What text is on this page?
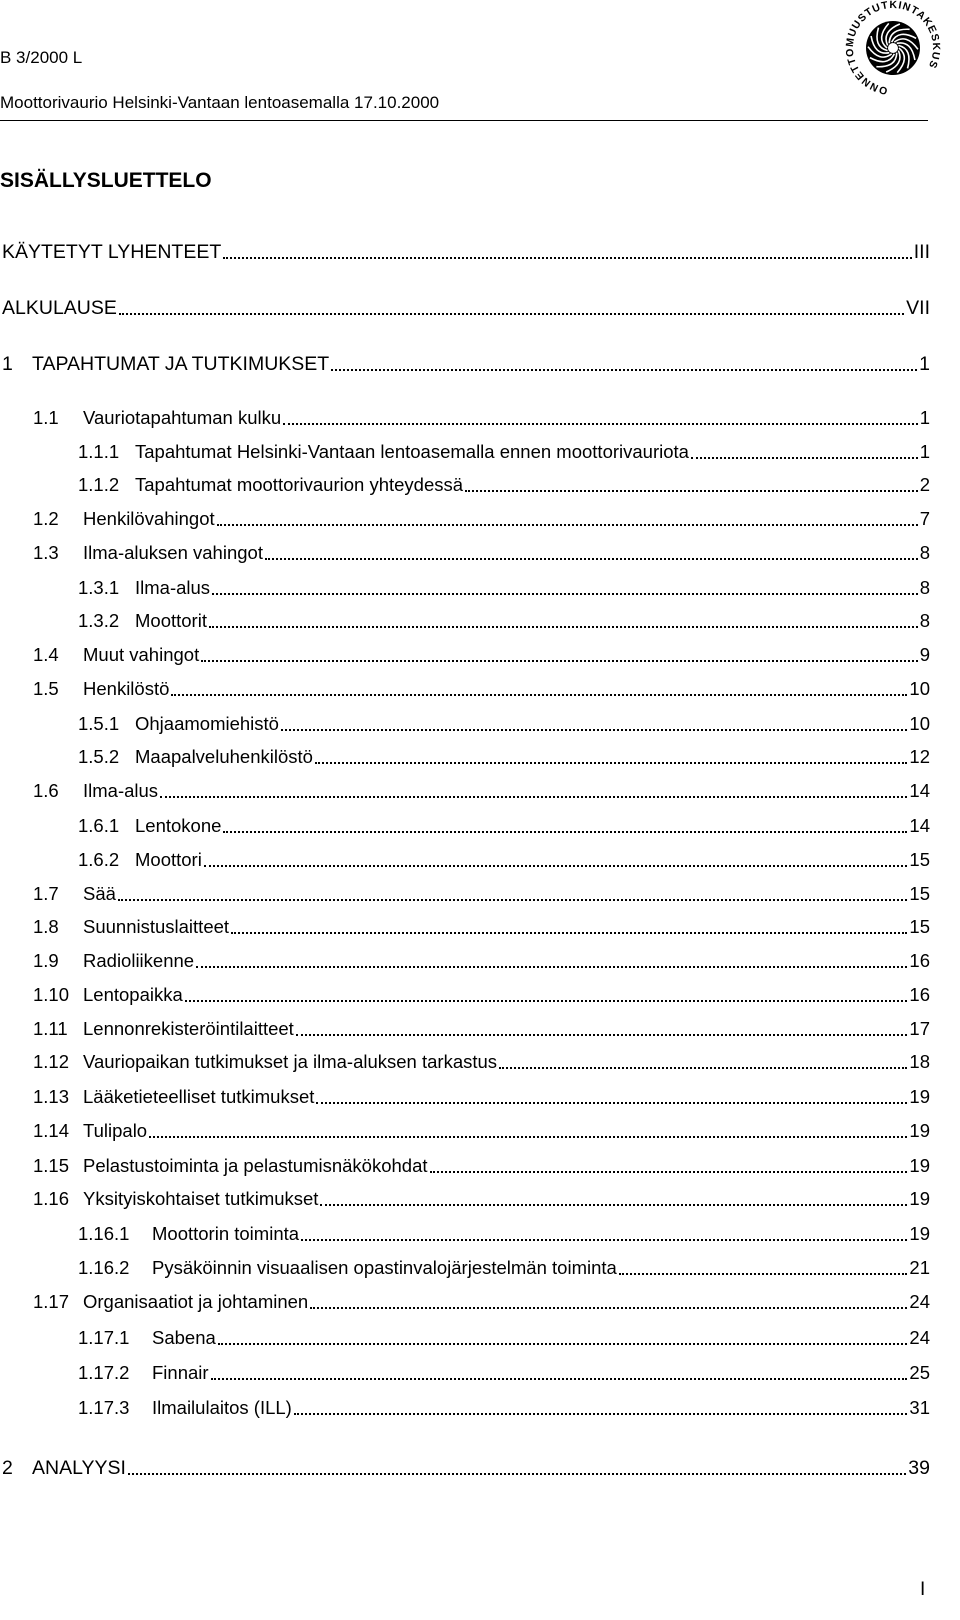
B 3/2000 L
Moottorivaurio Helsinki-Vantaan lentoasemalla 17.10.2000
ONNETTOMUUSTUTKINTAKESKUS
SISÄLLYSLUETTELO
KÄYTETYT LYHENTEET	III
ALKULAUSE	VII
1 TAPAHTUMAT JA TUTKIMUKSET	1
1.1	Vauriotapahtuman kulku	1
1.1.1 Tapahtumat Helsinki-Vantaan lentoasemalla ennen moottorivauriota	1
1.1.2 Tapahtumat moottorivaurion yhteydessä	2
1.2	Henkilövahingot	7
1.3	Ilma-aluksen vahingot	8
1.3.1 Ilma-alus	8
1.3.2 Moottorit	8
1.4	Muut vahingot	9
1.5	Henkilöstö	10
1.5.1 Ohjaamomiehistö	10
1.5.2 Maapalveluhenkilöstö	12
1.6	Ilma-alus	14
1.6.1 Lentokone	14
1.6.2 Moottori	15
1.7	Sää	15
1.8	Suunnistuslaitteet	15
1.9	Radioliikenne	16
1.10 Lentopaikka	16
1.11 Lennonrekisteröintilaitteet	17
1.12 Vauriopaikan tutkimukset ja ilma-aluksen tarkastus	18
1.13 Lääketieteelliset tutkimukset	19
1.14 Tulipalo	19
1.15 Pelastustoiminta ja pelastumisnäkökohdat	19
1.16 Yksityiskohtaiset tutkimukset	19
1.16.1	Moottorin toiminta	19
1.16.2	Pysäköinnin visuaalisen opastinvalojärjestelmän toiminta	21
1.17 Organisaatiot ja johtaminen	24
1.17.1	Sabena	24
1.17.2	Finnair	25
1.17.3	Ilmailulaitos (ILL)	31
2 ANALYYSI	39
I
